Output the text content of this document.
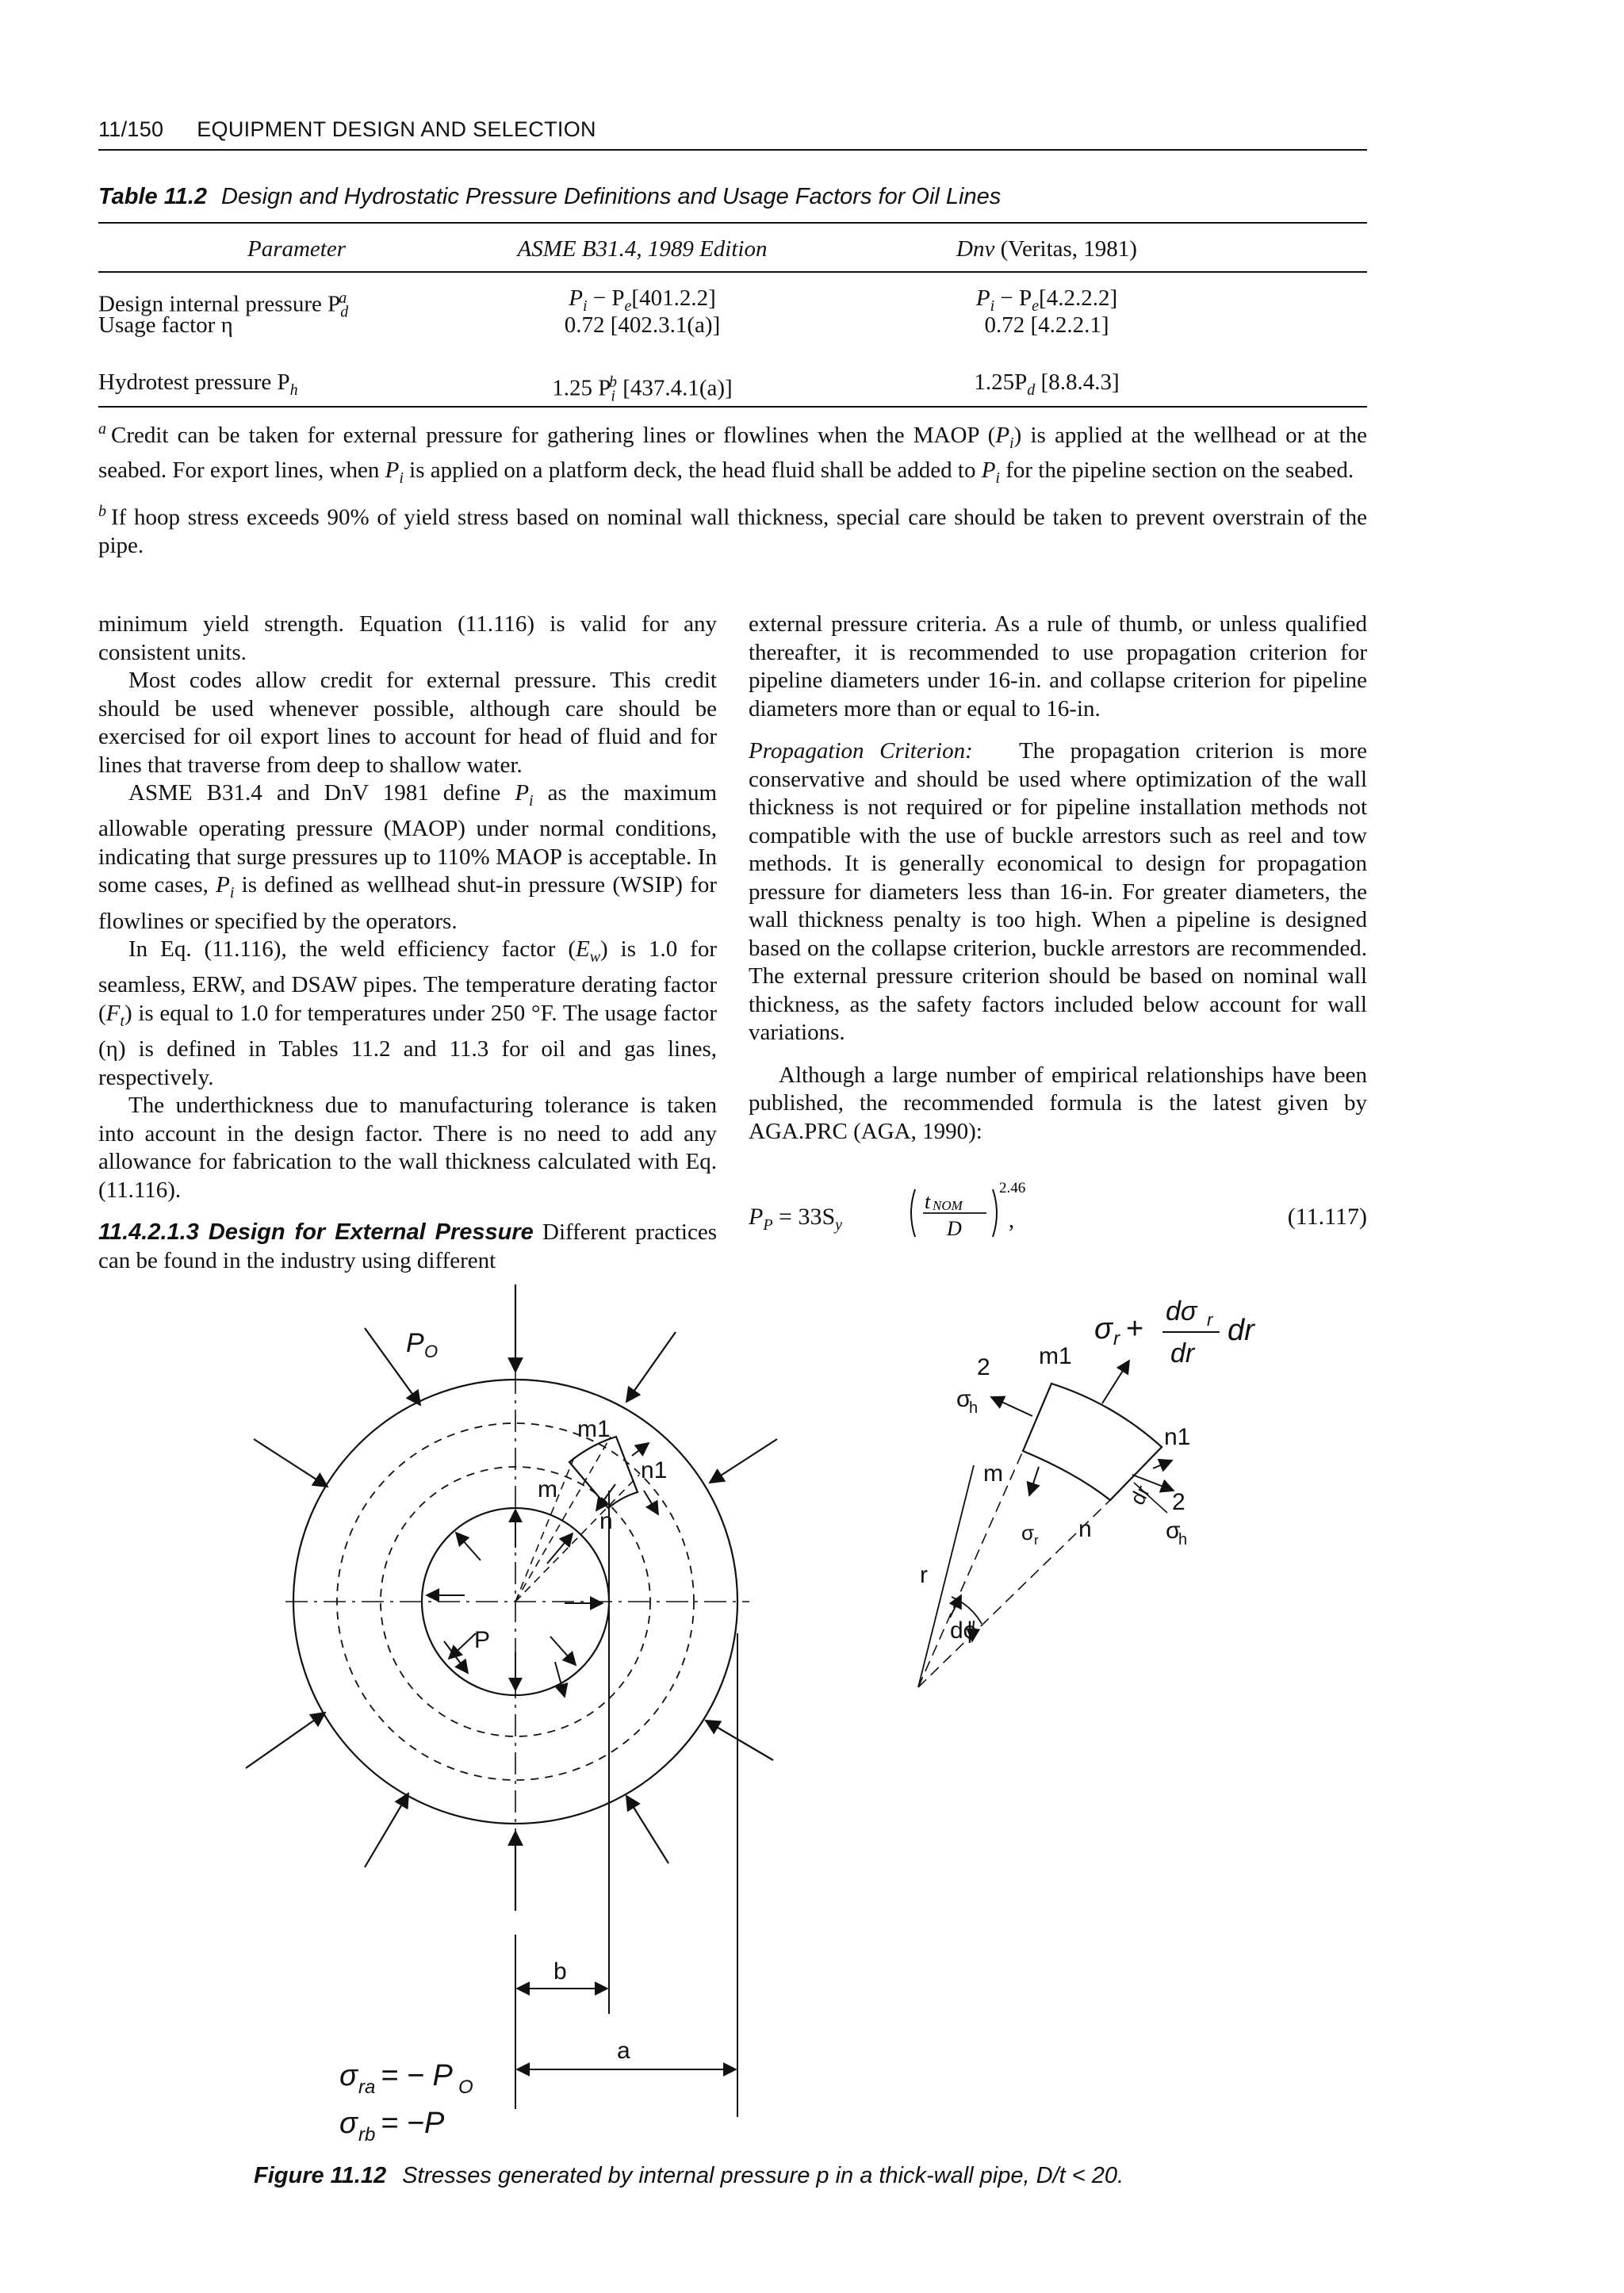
11/150 EQUIPMENT DESIGN AND SELECTION
Table 11.2 Design and Hydrostatic Pressure Definitions and Usage Factors for Oil Lines
Parameter	ASME B31.4, 1989 Edition	Dnv (Veritas, 1981)
Design internal pressure $P_d^a$	$P_i - P_e[401.2.2]$	$P_i - P_e[4.2.2.2]$
Usage factor η	0.72 [402.3.1(a)]	0.72 [4.2.2.1]
Hydrotest pressure $P_h$	1.25 $P_i^b$ [437.4.1(a)]	$1.25P_d$ [8.8.4.3]
$^a$ Credit can be taken for external pressure for gathering lines or flowlines when the MAOP $(P_i)$ is applied at the wellhead or at the seabed. For export lines, when $P_i$ is applied on a platform deck, the head fluid shall be added to $P_i$ for the pipeline section on the seabed.
$^b$ If hoop stress exceeds 90% of yield stress based on nominal wall thickness, special care should be taken to prevent overstrain of the pipe.

minimum yield strength. Equation (11.116) is valid for any consistent units.

Most codes allow credit for external pressure. This credit should be used whenever possible, although care should be exercised for oil export lines to account for head of fluid and for lines that traverse from deep to shallow water.

ASME B31.4 and DnV 1981 define $P_i$ as the maximum allowable operating pressure (MAOP) under normal conditions, indicating that surge pressures up to 110% MAOP is acceptable. In some cases, $P_i$ is defined as wellhead shut-in pressure (WSIP) for flowlines or specified by the operators.

In Eq. (11.116), the weld efficiency factor $(E_w)$ is 1.0 for seamless, ERW, and DSAW pipes. The temperature derating factor $(F_t)$ is equal to 1.0 for temperatures under 250 °F. The usage factor (η) is defined in Tables 11.2 and 11.3 for oil and gas lines, respectively.

The underthickness due to manufacturing tolerance is taken into account in the design factor. There is no need to add any allowance for fabrication to the wall thickness calculated with Eq. (11.116).

11.4.2.1.3 Design for External Pressure Different practices can be found in the industry using different

external pressure criteria. As a rule of thumb, or unless qualified thereafter, it is recommended to use propagation criterion for pipeline diameters under 16-in. and collapse criterion for pipeline diameters more than or equal to 16-in.

Propagation Criterion: The propagation criterion is more conservative and should be used where optimization of the wall thickness is not required or for pipeline installation methods not compatible with the use of buckle arrestors such as reel and tow methods. It is generally economical to design for propagation pressure for diameters less than 16-in. For greater diameters, the wall thickness penalty is too high. When a pipeline is designed based on the collapse criterion, buckle arrestors are recommended. The external pressure criterion should be based on nominal wall thickness, as the safety factors included below account for wall variations.

Although a large number of empirical relationships have been published, the recommended formula is the latest given by AGA.PRC (AGA, 1990):

$P_P = 33S_y$
t NOM
D
2.46
,	(11.117)
P O
P
m1
n1
m
n
b
a
σ ra = − P O
σ rb = −P
σ r +
dσ r
dr
dr
2
σ
h
m1
n1
m
n
σ r
dr 2
σ
h
r
dϕ
Figure 11.12 Stresses generated by internal pressure p in a thick-wall pipe, D/t < 20.
